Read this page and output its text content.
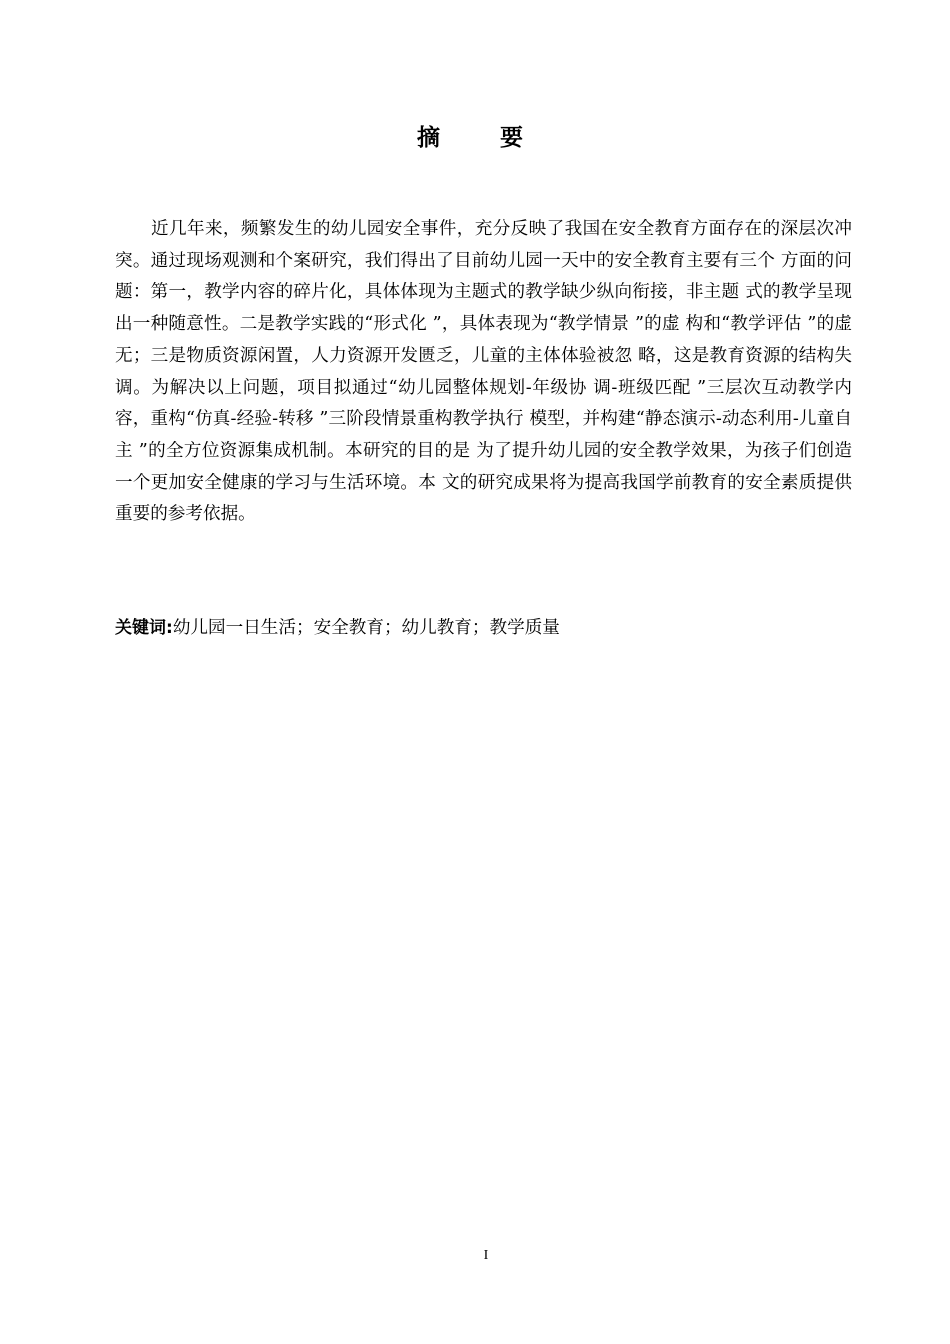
摘 要

近几年来，频繁发生的幼儿园安全事件，充分反映了我国在安全教育方面存在的深层次冲突。通过现场观测和个案研究，我们得出了目前幼儿园一天中的安全教育主要有三个 方面的问题：第一，教学内容的碎片化，具体体现为主题式的教学缺少纵向衔接，非主题 式的教学呈现出一种随意性。二是教学实践的“形式化 ”，具体表现为“教学情景 ”的虚 构和“教学评估 ”的虚无；三是物质资源闲置，人力资源开发匮乏，儿童的主体体验被忽 略，这是教育资源的结构失调。为解决以上问题，项目拟通过“幼儿园整体规划-年级协 调-班级匹配 ”三层次互动教学内容，重构“仿真-经验-转移 ”三阶段情景重构教学执行 模型，并构建“静态演示-动态利用-儿童自主 ”的全方位资源集成机制。本研究的目的是 为了提升幼儿园的安全教学效果，为孩子们创造一个更加安全健康的学习与生活环境。本 文的研究成果将为提高我国学前教育的安全素质提供重要的参考依据。

关键词:幼儿园一日生活；安全教育；幼儿教育；教学质量

I
